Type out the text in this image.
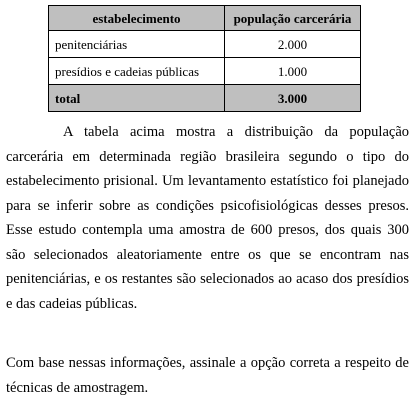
estabelecimento	população carcerária
penitenciárias	2.000
presídios e cadeias públicas	1.000
total	3.000

A tabela acima mostra a distribuição da população carcerária em determinada região brasileira segundo o tipo do estabelecimento prisional. Um levantamento estatístico foi planejado para se inferir sobre as condições psicofisiológicas desses presos. Esse estudo contempla uma amostra de 600 presos, dos quais 300 são selecionados aleatoriamente entre os que se encontram nas penitenciárias, e os restantes são selecionados ao acaso dos presídios e das cadeias públicas.

Com base nessas informações, assinale a opção correta a respeito de técnicas de amostragem.
